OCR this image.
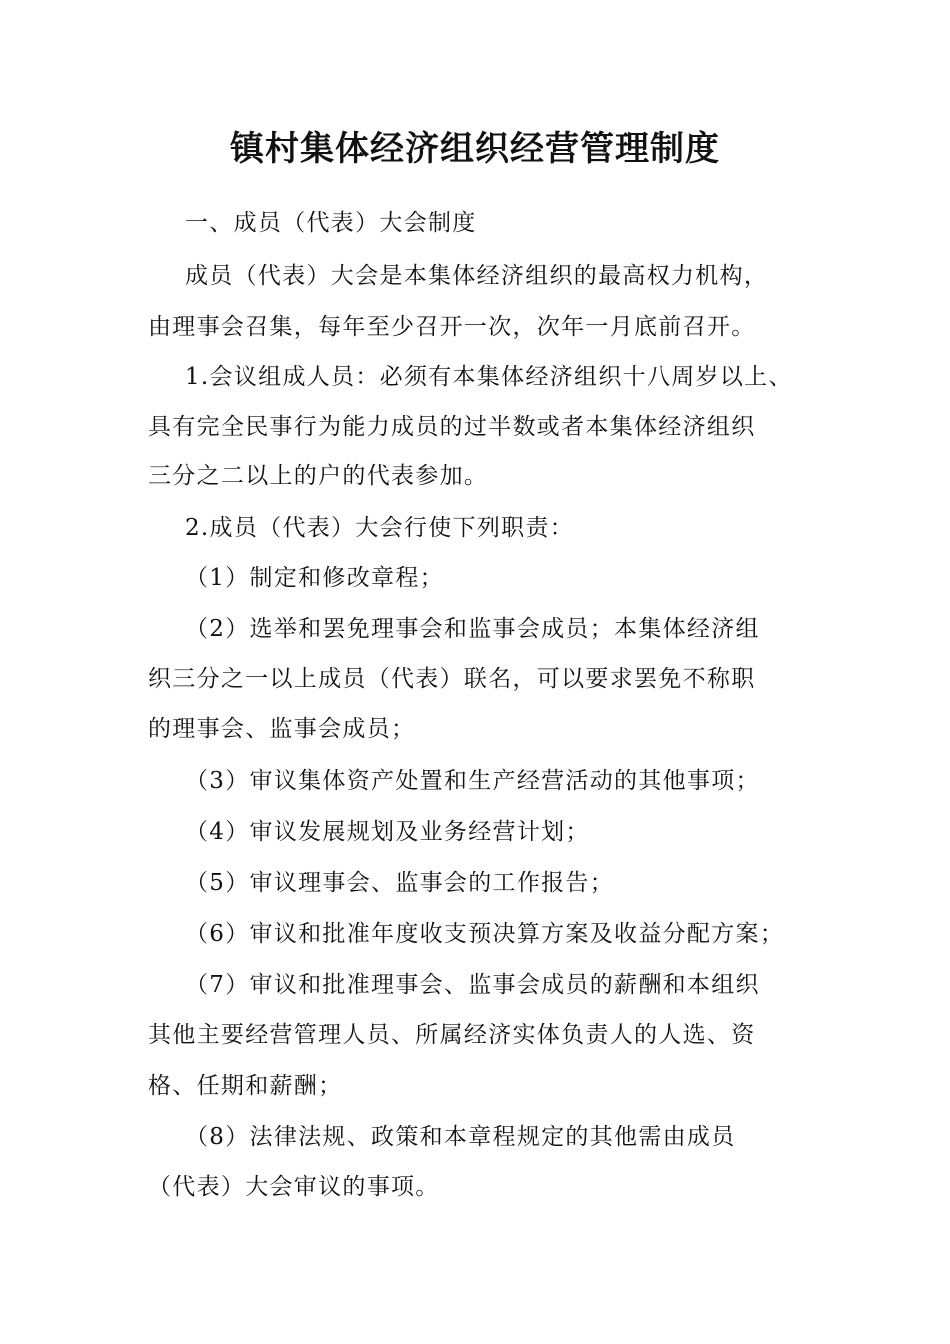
镇村集体经济组织经营管理制度

一、成员（代表）大会制度

成员（代表）大会是本集体经济组织的最高权力机构，

由理事会召集，每年至少召开一次，次年一月底前召开。

1.会议组成人员：必须有本集体经济组织十八周岁以上、

具有完全民事行为能力成员的过半数或者本集体经济组织

三分之二以上的户的代表参加。

2.成员（代表）大会行使下列职责：

（1）制定和修改章程；

（2）选举和罢免理事会和监事会成员；本集体经济组

织三分之一以上成员（代表）联名，可以要求罢免不称职

的理事会、监事会成员；

（3）审议集体资产处置和生产经营活动的其他事项；

（4）审议发展规划及业务经营计划；

（5）审议理事会、监事会的工作报告；

（6）审议和批准年度收支预决算方案及收益分配方案；

（7）审议和批准理事会、监事会成员的薪酬和本组织

其他主要经营管理人员、所属经济实体负责人的人选、资

格、任期和薪酬；

（8）法律法规、政策和本章程规定的其他需由成员

（代表）大会审议的事项。
